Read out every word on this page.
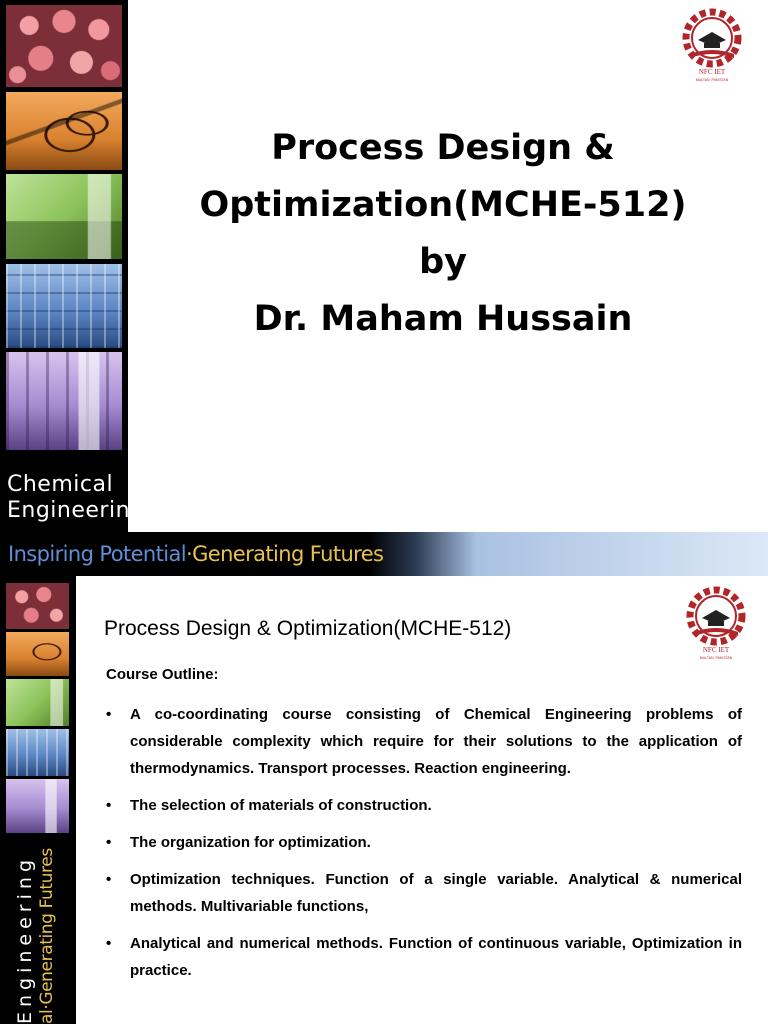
Chemical
Engineering
Inspiring Potential·Generating Futures
NFC IET
MULTAN, PAKISTAN
Process Design &
Optimization(MCHE-512)
by
Dr. Maham Hussain
Engineering al·Generating Futures
NFC IET
MULTAN, PAKISTAN
Process Design & Optimization(MCHE-512)
Course Outline:
• A co-coordinating course consisting of Chemical Engineering problems of considerable complexity which require for their solutions to the application of thermodynamics. Transport processes. Reaction engineering.
• The selection of materials of construction.
• The organization for optimization.
• Optimization techniques. Function of a single variable. Analytical & numerical methods. Multivariable functions,
• Analytical and numerical methods. Function of continuous variable, Optimization in practice.
